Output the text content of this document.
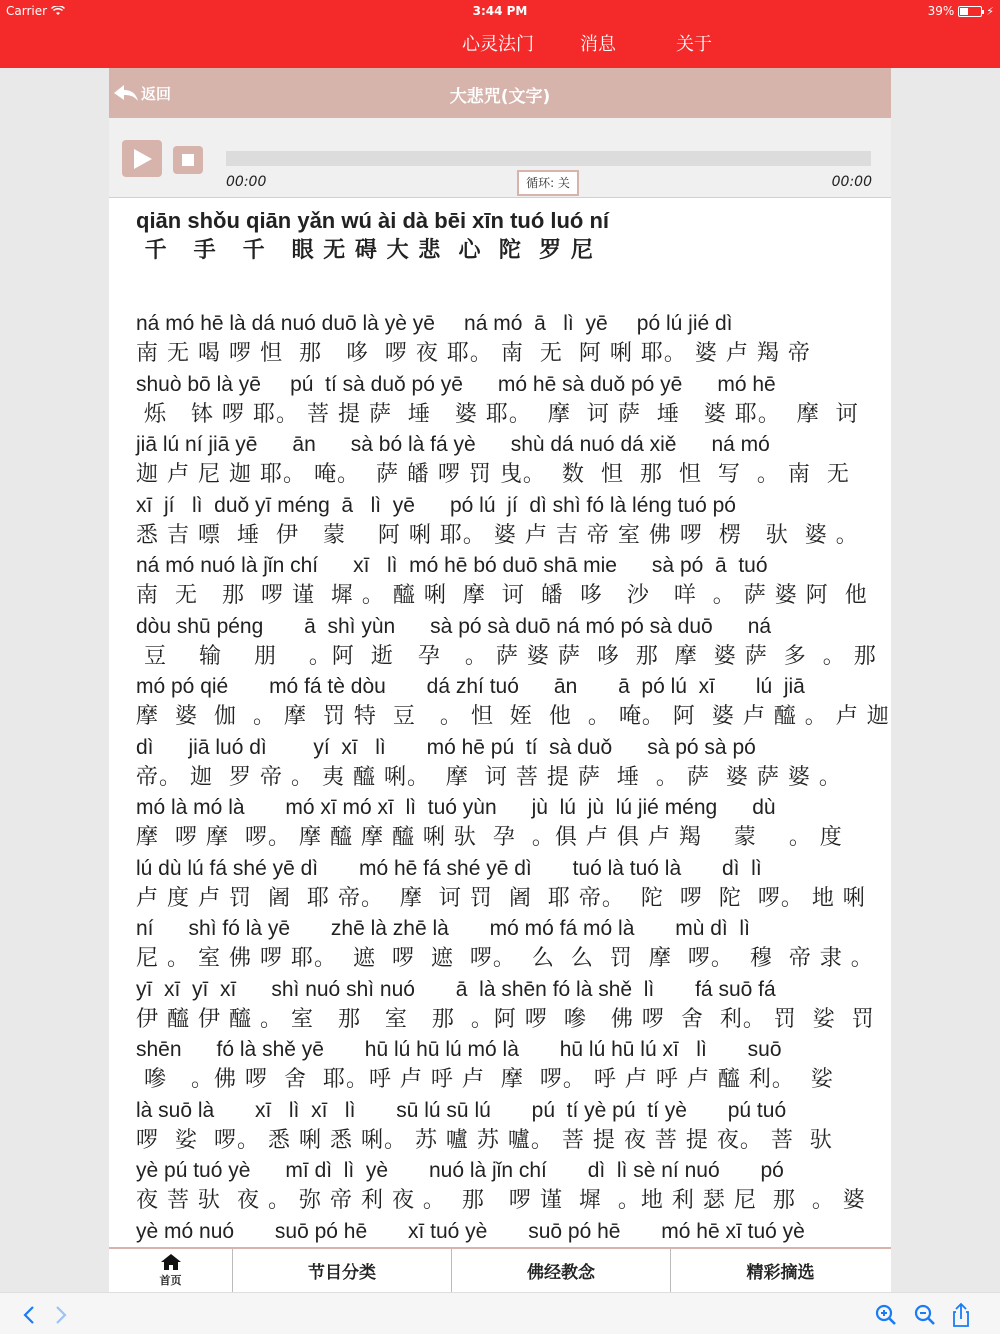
Carrier	3:44 PM	39%	⚡
心灵法门	消息	关于
返回	大悲咒(文字)
00:00	循环: 关	00:00
qiān shǒu qiān yǎn wú ài dà bēi xīn tuó luó ní
千   手   千   眼 无 碍 大 悲  心  陀  罗 尼
ná mó hē là dá nuó duō là yè yē     ná mó  ā   lì  yē     pó lú jié dì
南 无 喝 啰 怛  那   哆  啰 夜 耶。 南  无  阿 唎 耶。 婆 卢 羯 帝
shuò bō là yē     pú  tí sà duǒ pó yē      mó hē sà duǒ pó yē      mó hē
烁   钵 啰 耶。 菩 提 萨  埵   婆 耶。  摩  诃 萨  埵   婆 耶。  摩  诃
jiā lú ní jiā yē      ān      sà bó là fá yè      shù dá nuó dá xiě      ná mó
迦 卢 尼 迦 耶。 唵。  萨 皤 啰 罚 曳。  数  怛  那  怛  写  。 南  无
xī  jí   lì  duǒ yī méng  ā   lì  yē      pó lú  jí  dì shì fó là léng tuó pó
悉 吉 嘌  埵  伊   蒙    阿 唎 耶。 婆 卢 吉 帝 室 佛 啰  楞   驮  婆 。
ná mó nuó là jǐn chí      xī   lì  mó hē bó duō shā mie      sà pó  ā  tuó
南  无   那  啰 谨  墀 。 醯 唎  摩  诃  皤  哆   沙   咩  。 萨 婆 阿  他
dòu shū péng       ā  shì yùn      sà pó sà duō ná mó pó sà duō      ná
豆    输    朋    。阿  逝   孕   。 萨 婆 萨  哆  那  摩  婆 萨  多  。 那
mó pó qié       mó fá tè dòu       dá zhí tuó      ān       ā  pó lú  xī       lú  jiā
摩  婆  伽  。 摩  罚 特  豆   。 怛  姪  他  。 唵。 阿  婆 卢 醯 。 卢 迦
dì      jiā luó dì        yí  xī   lì       mó hē pú  tí  sà duǒ      sà pó sà pó
帝。 迦  罗 帝 。 夷 醯 唎。  摩  诃 菩 提 萨  埵  。 萨  婆 萨 婆 。
mó là mó là       mó xī mó xī  lì  tuó yùn      jù  lú  jù  lú jié méng      dù
摩  啰 摩  啰。 摩 醯 摩 醯 唎 驮  孕  。俱 卢 俱 卢 羯    蒙    。 度
lú dù lú fá shé yē dì       mó hē fá shé yē dì       tuó là tuó là       dì  lì
卢 度 卢 罚  阇  耶 帝。  摩  诃 罚  阇  耶 帝。  陀  啰  陀  啰。 地 唎
ní      shì fó là yē       zhē là zhē là       mó mó fá mó là       mù dì  lì
尼 。 室 佛 啰 耶。  遮  啰  遮  啰。  么  么  罚  摩  啰。  穆  帝 隶 。
yī  xī  yī  xī      shì nuó shì nuó       ā  là shēn fó là shě  lì       fá suō fá
伊 醯 伊 醯 。 室   那   室   那  。阿 啰  嘇   佛 啰  舍  利。 罚  娑  罚
shēn      fó là shě yē       hū lú hū lú mó là       hū lú hū lú xī   lì       suō
嘇   。佛 啰  舍  耶。呼 卢 呼 卢  摩  啰。 呼 卢 呼 卢 醯 利。  娑
là suō là       xī   lì  xī   lì       sū lú sū lú       pú  tí yè pú  tí yè       pú tuó
啰  娑  啰。 悉 唎 悉 唎。 苏 嚧 苏 嚧。 菩 提 夜 菩 提 夜。 菩  驮
yè pú tuó yè      mī dì  lì  yè       nuó là jǐn chí       dì  lì sè ní nuó       pó
夜 菩 驮  夜 。 弥 帝 利 夜 。  那   啰 谨  墀  。地 利 瑟 尼  那  。 婆
yè mó nuó       suō pó hē       xī tuó yè       suō pó hē       mó hē xī tuó yè
首页	节目分类	佛经教念	精彩摘选
